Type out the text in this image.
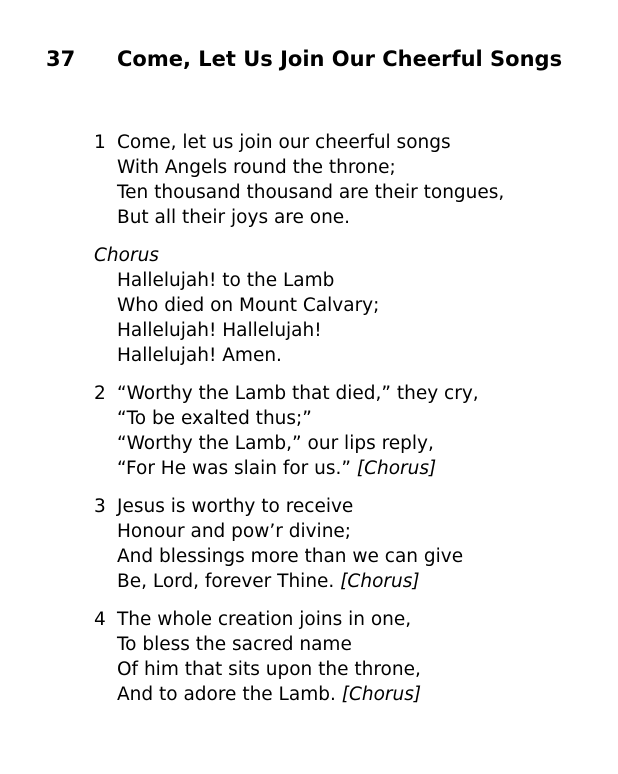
37 Come, Let Us Join Our Cheerful Songs
1 Come, let us join our cheerful songs
With Angels round the throne;
Ten thousand thousand are their tongues,
But all their joys are one.
Chorus
Hallelujah! to the Lamb
Who died on Mount Calvary;
Hallelujah! Hallelujah!
Hallelujah! Amen.
2 “Worthy the Lamb that died,” they cry,
“To be exalted thus;”
“Worthy the Lamb,” our lips reply,
“For He was slain for us.” [Chorus]
3 Jesus is worthy to receive
Honour and pow’r divine;
And blessings more than we can give
Be, Lord, forever Thine. [Chorus]
4 The whole creation joins in one,
To bless the sacred name
Of him that sits upon the throne,
And to adore the Lamb. [Chorus]
